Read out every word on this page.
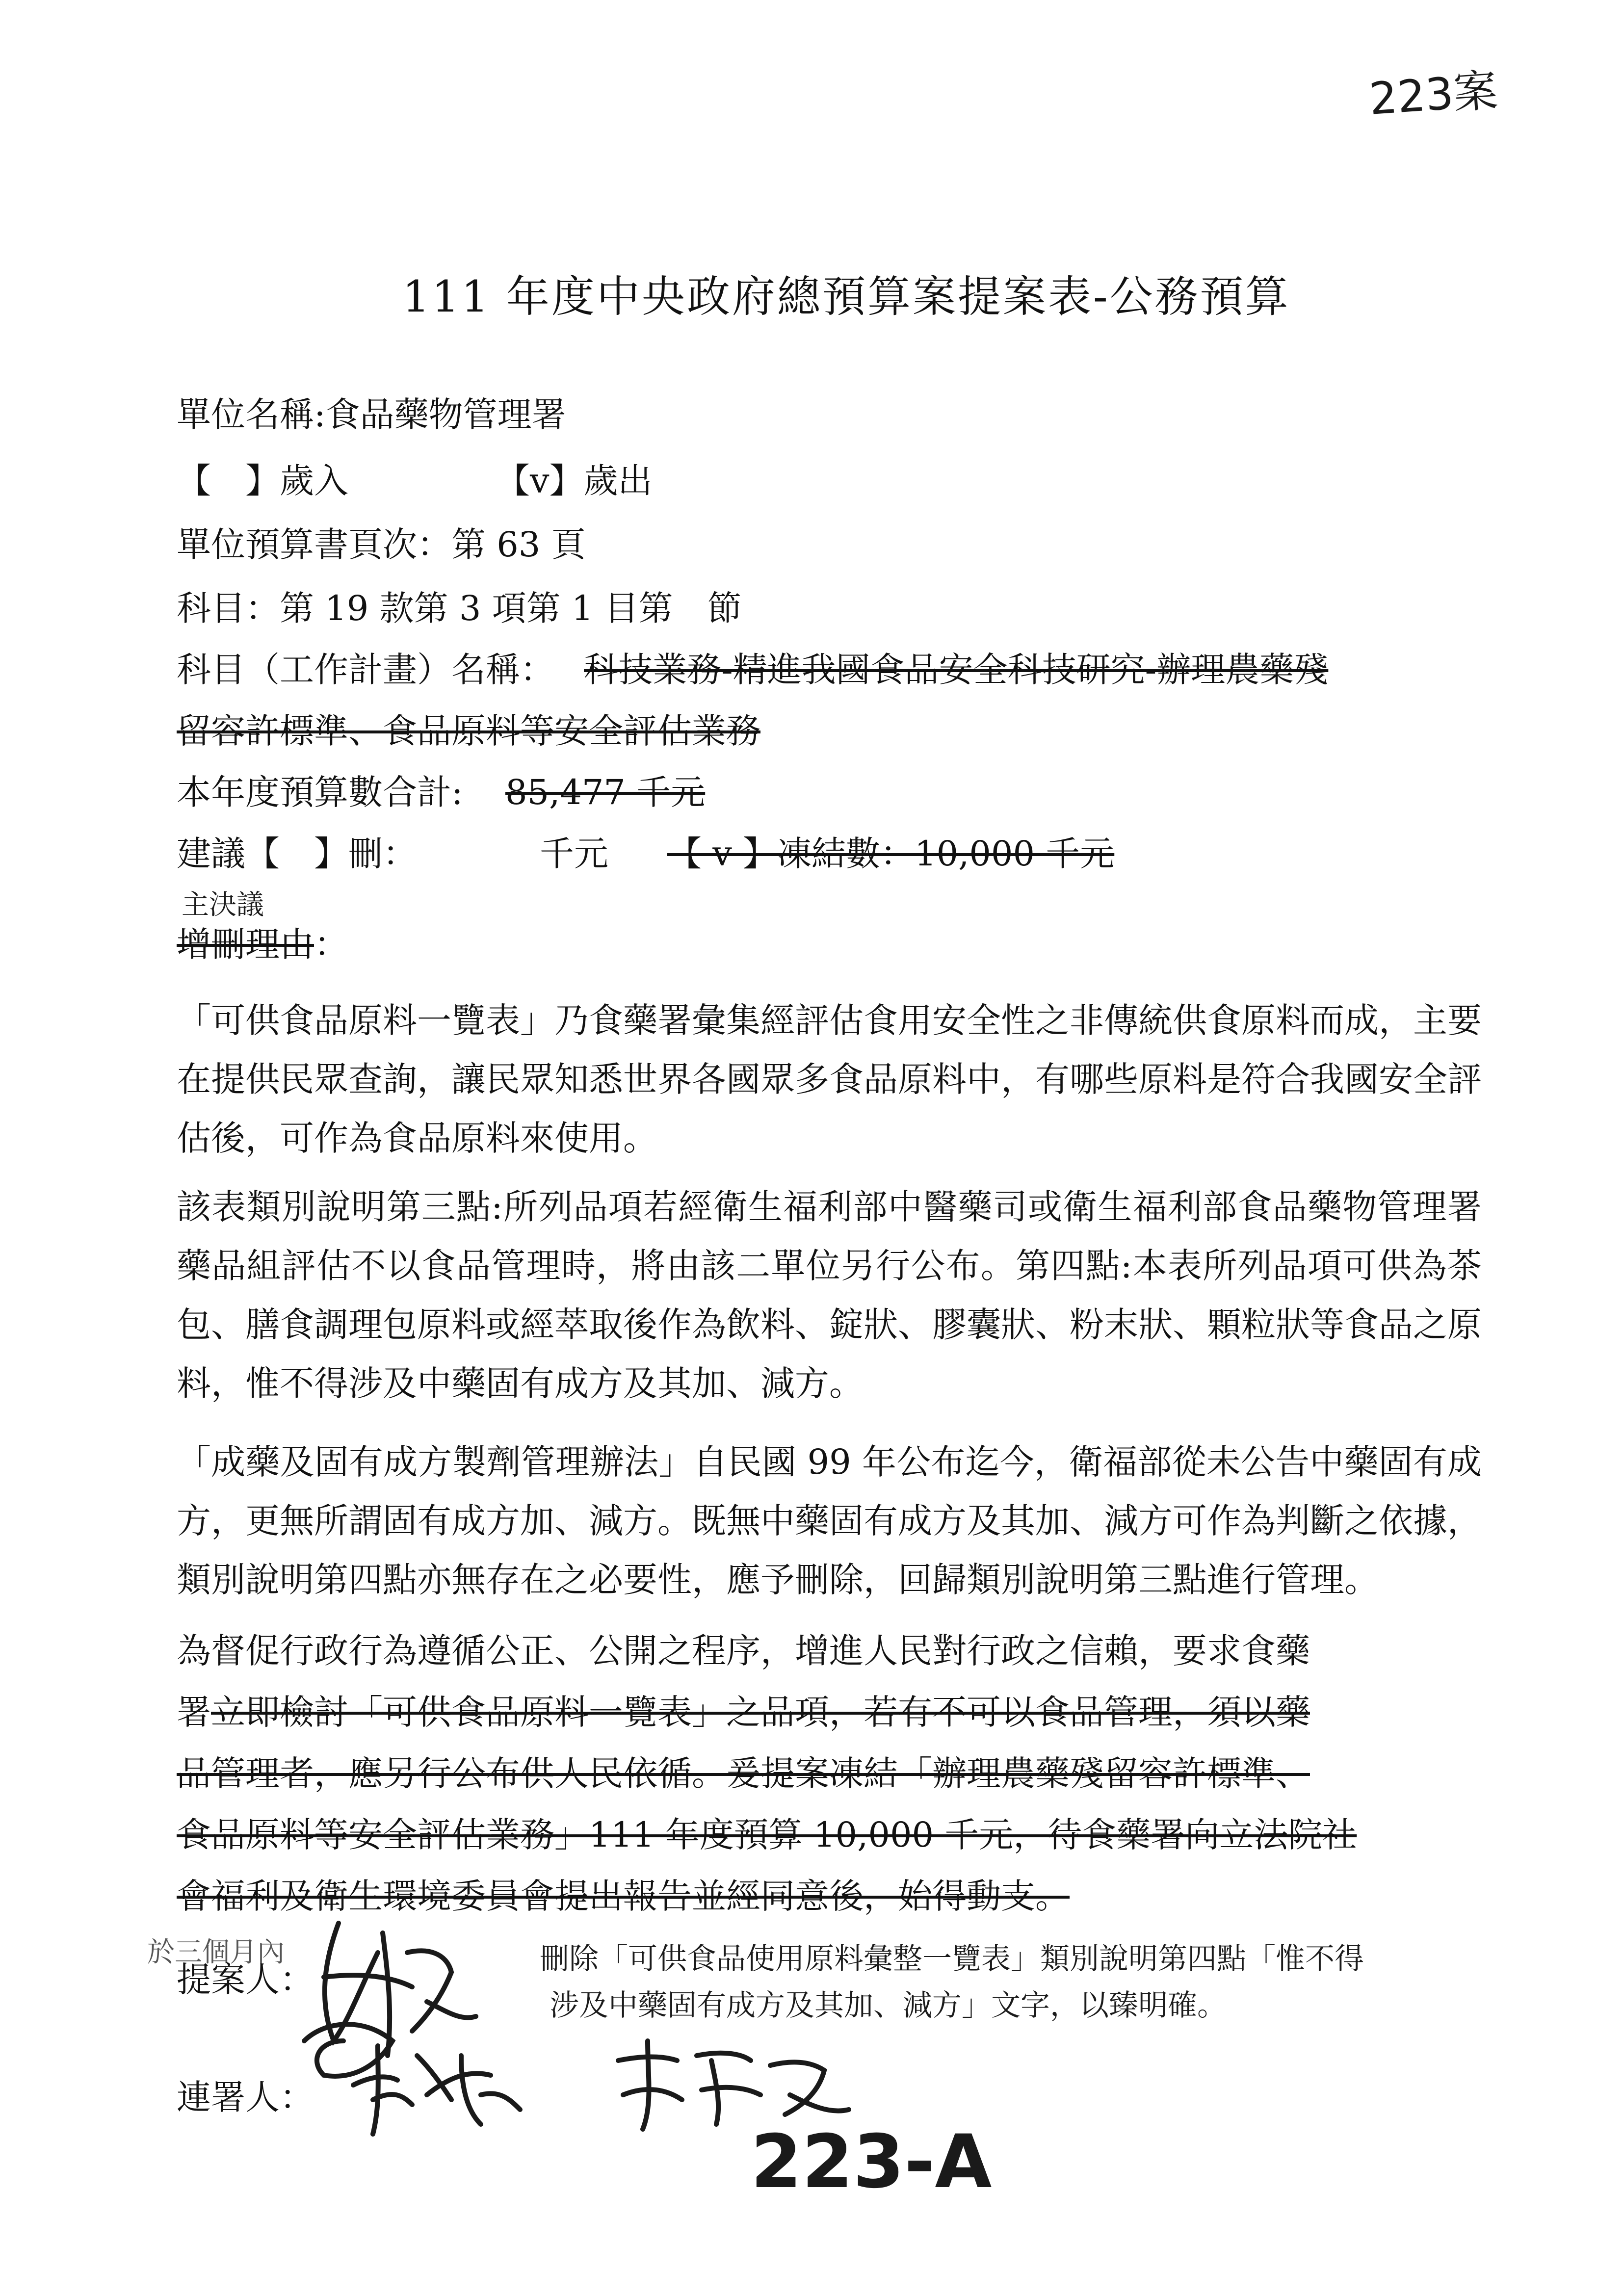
223案
111 年度中央政府總預算案提案表-公務預算
單位名稱:食品藥物管理署
【　】歲入	【v】歲出
單位預算書頁次：第 63 頁
科目：第 19 款第 3 項第 1 目第　節
科目（工作計畫）名稱： 科技業務-精進我國食品安全科技研究-辦理農藥殘
留容許標準、食品原料等安全評估業務
本年度預算數合計: 85,477 千元
建議【　】刪：	千元 【 v 】凍結數：10,000 千元
主決議
增刪理由：
「可供食品原料一覽表」乃食藥署彙集經評估食用安全性之非傳統供食原料而成，主要在提供民眾查詢，讓民眾知悉世界各國眾多食品原料中，有哪些原料是符合我國安全評估後，可作為食品原料來使用。
該表類別說明第三點:所列品項若經衛生福利部中醫藥司或衛生福利部食品藥物管理署藥品組評估不以食品管理時，將由該二單位另行公布。第四點:本表所列品項可供為茶包、膳食調理包原料或經萃取後作為飲料、錠狀、膠囊狀、粉末狀、顆粒狀等食品之原料，惟不得涉及中藥固有成方及其加、減方。
「成藥及固有成方製劑管理辦法」自民國 99 年公布迄今，衛福部從未公告中藥固有成方，更無所謂固有成方加、減方。既無中藥固有成方及其加、減方可作為判斷之依據，類別說明第四點亦無存在之必要性，應予刪除，回歸類別說明第三點進行管理。
為督促行政行為遵循公正、公開之程序，增進人民對行政之信賴，要求食藥
署立即檢討「可供食品原料一覽表」之品項，若有不可以食品管理，須以藥
品管理者，應另行公布供人民依循。爰提案凍結「辦理農藥殘留容許標準、
食品原料等安全評估業務」111 年度預算 10,000 千元，待食藥署向立法院社
會福利及衛生環境委員會提出報告並經同意後，始得動支。
於三個月內	刪除「可供食品使用原料彙整一覽表」類別說明第四點「惟不得
涉及中藥固有成方及其加、減方」文字，以臻明確。
提案人：
連署人：
223-A
